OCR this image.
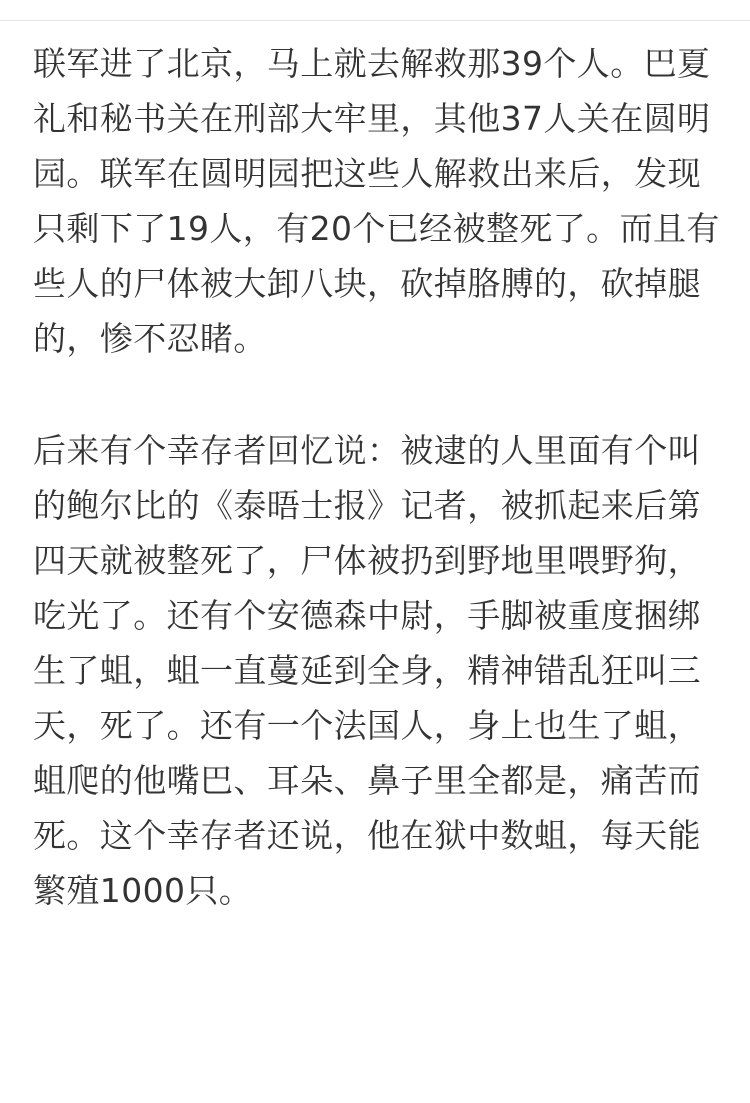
联军进了北京，马上就去解救那39个人。巴夏
礼和秘书关在刑部大牢里，其他37人关在圆明
园。联军在圆明园把这些人解救出来后，发现
只剩下了19人，有20个已经被整死了。而且有
些人的尸体被大卸八块，砍掉胳膊的，砍掉腿
的，惨不忍睹。
后来有个幸存者回忆说：被逮的人里面有个叫
的鲍尔比的《泰晤士报》记者，被抓起来后第
四天就被整死了，尸体被扔到野地里喂野狗，
吃光了。还有个安德森中尉，手脚被重度捆绑
生了蛆，蛆一直蔓延到全身，精神错乱狂叫三
天，死了。还有一个法国人，身上也生了蛆，
蛆爬的他嘴巴、耳朵、鼻子里全都是，痛苦而
死。这个幸存者还说，他在狱中数蛆，每天能
繁殖1000只。
